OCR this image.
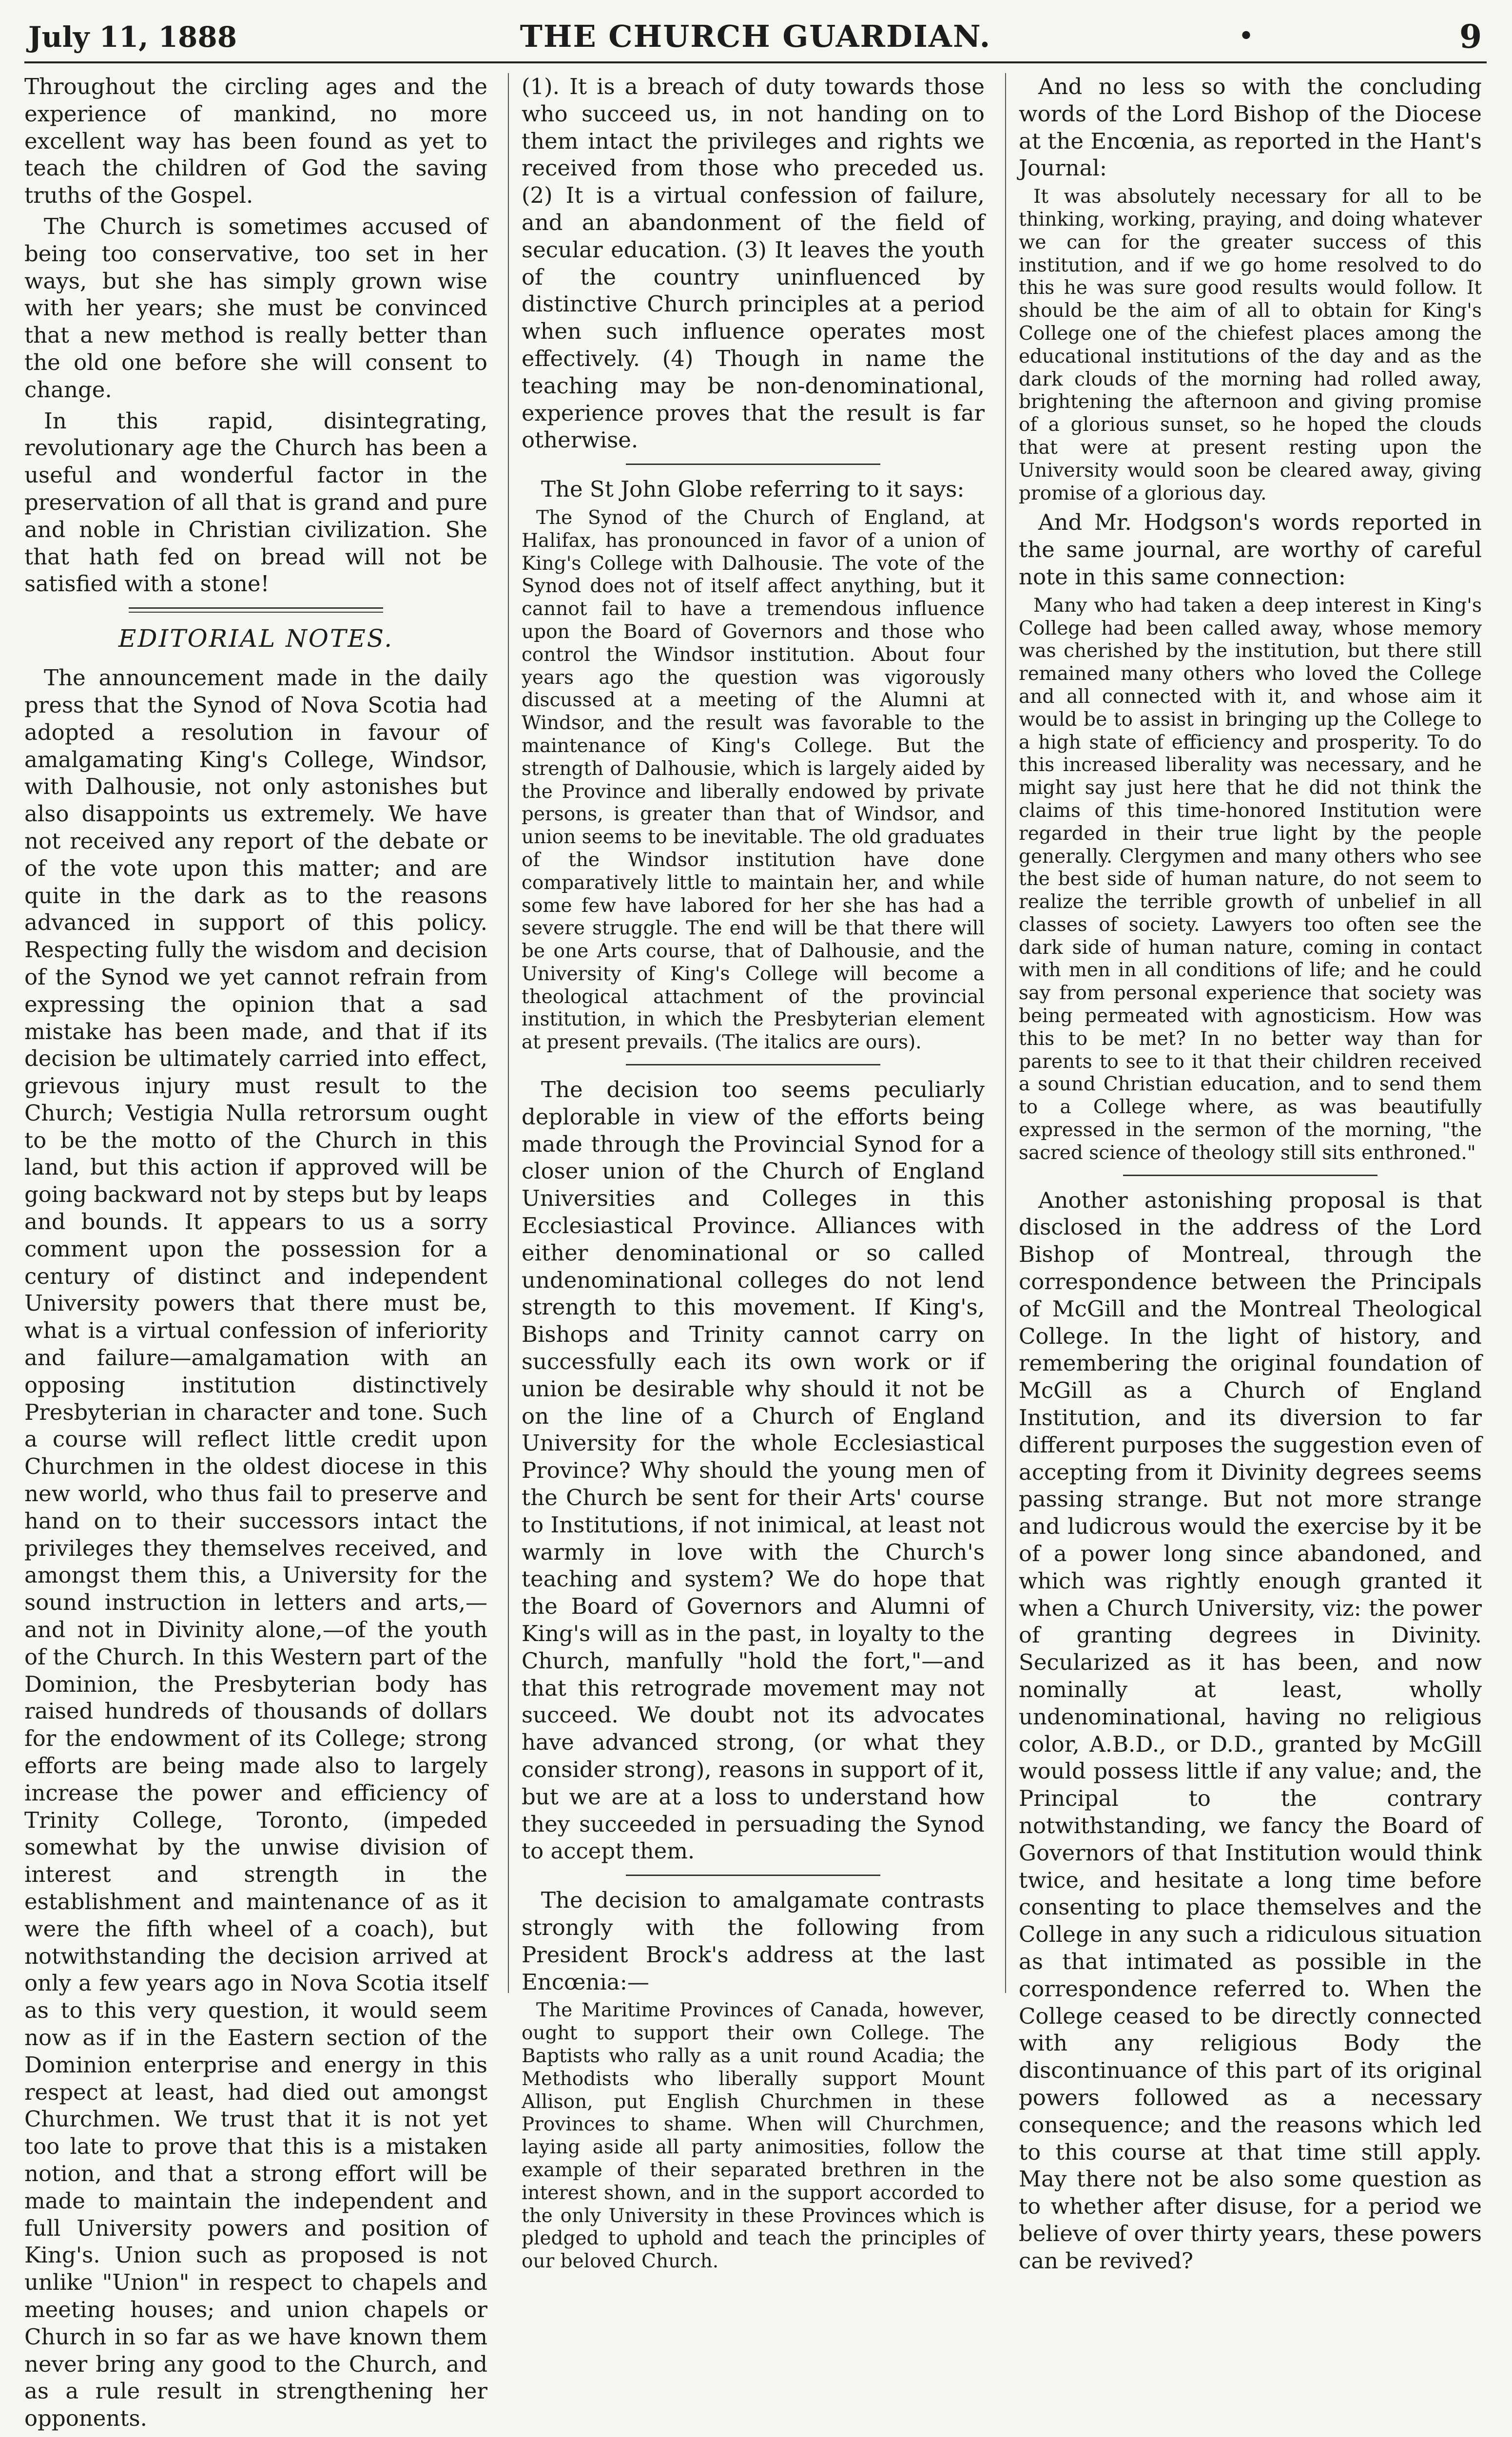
July 11, 1888	THE CHURCH GUARDIAN.	•	9

Throughout the circling ages and the experience of mankind, no more excellent way has been found as yet to teach the children of God the saving truths of the Gospel.

The Church is sometimes accused of being too conservative, too set in her ways, but she has simply grown wise with her years; she must be convinced that a new method is really better than the old one before she will consent to change.

In this rapid, disintegrating, revolutionary age the Church has been a useful and wonderful factor in the preservation of all that is grand and pure and noble in Christian civilization. She that hath fed on bread will not be satisfied with a stone!

EDITORIAL NOTES.

The announcement made in the daily press that the Synod of Nova Scotia had adopted a resolution in favour of amalgamating King's College, Windsor, with Dalhousie, not only astonishes but also disappoints us extremely. We have not received any report of the debate or of the vote upon this matter; and are quite in the dark as to the reasons advanced in support of this policy. Respecting fully the wisdom and decision of the Synod we yet cannot refrain from expressing the opinion that a sad mistake has been made, and that if its decision be ultimately carried into effect, grievous injury must result to the Church; Vestigia Nulla retrorsum ought to be the motto of the Church in this land, but this action if approved will be going backward not by steps but by leaps and bounds. It appears to us a sorry comment upon the possession for a century of distinct and independent University powers that there must be, what is a virtual confession of inferiority and failure—amalgamation with an opposing institution distinctively Presbyterian in character and tone. Such a course will reflect little credit upon Churchmen in the oldest diocese in this new world, who thus fail to preserve and hand on to their successors intact the privileges they themselves received, and amongst them this, a University for the sound instruction in letters and arts,—and not in Divinity alone,—of the youth of the Church. In this Western part of the Dominion, the Presbyterian body has raised hundreds of thousands of dollars for the endowment of its College; strong efforts are being made also to largely increase the power and efficiency of Trinity College, Toronto, (impeded somewhat by the unwise division of interest and strength in the establishment and maintenance of as it were the fifth wheel of a coach), but notwithstanding the decision arrived at only a few years ago in Nova Scotia itself as to this very question, it would seem now as if in the Eastern section of the Dominion enterprise and energy in this respect at least, had died out amongst Churchmen. We trust that it is not yet too late to prove that this is a mistaken notion, and that a strong effort will be made to maintain the independent and full University powers and position of King's. Union such as proposed is not unlike "Union" in respect to chapels and meeting houses; and union chapels or Church in so far as we have known them never bring any good to the Church, and as a rule result in strengthening her opponents.

(1). It is a breach of duty towards those who succeed us, in not handing on to them intact the privileges and rights we received from those who preceded us. (2) It is a virtual confession of failure, and an abandonment of the field of secular education. (3) It leaves the youth of the country uninfluenced by distinctive Church principles at a period when such influence operates most effectively. (4) Though in name the teaching may be non-denominational, experience proves that the result is far otherwise.

The St John Globe referring to it says:

The Synod of the Church of England, at Halifax, has pronounced in favor of a union of King's College with Dalhousie. The vote of the Synod does not of itself affect anything, but it cannot fail to have a tremendous influence upon the Board of Governors and those who control the Windsor institution. About four years ago the question was vigorously discussed at a meeting of the Alumni at Windsor, and the result was favorable to the maintenance of King's College. But the strength of Dalhousie, which is largely aided by the Province and liberally endowed by private persons, is greater than that of Windsor, and union seems to be inevitable. The old graduates of the Windsor institution have done comparatively little to maintain her, and while some few have labored for her she has had a severe struggle. The end will be that there will be one Arts course, that of Dalhousie, and the University of King's College will become a theological attachment of the provincial institution, in which the Presbyterian element at present prevails. (The italics are ours).

The decision too seems peculiarly deplorable in view of the efforts being made through the Provincial Synod for a closer union of the Church of England Universities and Colleges in this Ecclesiastical Province. Alliances with either denominational or so called undenominational colleges do not lend strength to this movement. If King's, Bishops and Trinity cannot carry on successfully each its own work or if union be desirable why should it not be on the line of a Church of England University for the whole Ecclesiastical Province? Why should the young men of the Church be sent for their Arts' course to Institutions, if not inimical, at least not warmly in love with the Church's teaching and system? We do hope that the Board of Governors and Alumni of King's will as in the past, in loyalty to the Church, manfully "hold the fort,"—and that this retrograde movement may not succeed. We doubt not its advocates have advanced strong, (or what they consider strong), reasons in support of it, but we are at a loss to understand how they succeeded in persuading the Synod to accept them.

The decision to amalgamate contrasts strongly with the following from President Brock's address at the last Encœnia:—

The Maritime Provinces of Canada, however, ought to support their own College. The Baptists who rally as a unit round Acadia; the Methodists who liberally support Mount Allison, put English Churchmen in these Provinces to shame. When will Churchmen, laying aside all party animosities, follow the example of their separated brethren in the interest shown, and in the support accorded to the only University in these Provinces which is pledged to uphold and teach the principles of our beloved Church.

And no less so with the concluding words of the Lord Bishop of the Diocese at the Encœnia, as reported in the Hant's Journal:

It was absolutely necessary for all to be thinking, working, praying, and doing whatever we can for the greater success of this institution, and if we go home resolved to do this he was sure good results would follow. It should be the aim of all to obtain for King's College one of the chiefest places among the educational institutions of the day and as the dark clouds of the morning had rolled away, brightening the afternoon and giving promise of a glorious sunset, so he hoped the clouds that were at present resting upon the University would soon be cleared away, giving promise of a glorious day.

And Mr. Hodgson's words reported in the same journal, are worthy of careful note in this same connection:

Many who had taken a deep interest in King's College had been called away, whose memory was cherished by the institution, but there still remained many others who loved the College and all connected with it, and whose aim it would be to assist in bringing up the College to a high state of efficiency and prosperity. To do this increased liberality was necessary, and he might say just here that he did not think the claims of this time-honored Institution were regarded in their true light by the people generally. Clergymen and many others who see the best side of human nature, do not seem to realize the terrible growth of unbelief in all classes of society. Lawyers too often see the dark side of human nature, coming in contact with men in all conditions of life; and he could say from personal experience that society was being permeated with agnosticism. How was this to be met? In no better way than for parents to see to it that their children received a sound Christian education, and to send them to a College where, as was beautifully expressed in the sermon of the morning, "the sacred science of theology still sits enthroned."

Another astonishing proposal is that disclosed in the address of the Lord Bishop of Montreal, through the correspondence between the Principals of McGill and the Montreal Theological College. In the light of history, and remembering the original foundation of McGill as a Church of England Institution, and its diversion to far different purposes the suggestion even of accepting from it Divinity degrees seems passing strange. But not more strange and ludicrous would the exercise by it be of a power long since abandoned, and which was rightly enough granted it when a Church University, viz: the power of granting degrees in Divinity. Secularized as it has been, and now nominally at least, wholly undenominational, having no religious color, A.B.D., or D.D., granted by McGill would possess little if any value; and, the Principal to the contrary notwithstanding, we fancy the Board of Governors of that Institution would think twice, and hesitate a long time before consenting to place themselves and the College in any such a ridiculous situation as that intimated as possible in the correspondence referred to. When the College ceased to be directly connected with any religious Body the discontinuance of this part of its original powers followed as a necessary consequence; and the reasons which led to this course at that time still apply. May there not be also some question as to whether after disuse, for a period we believe of over thirty years, these powers can be revived?
